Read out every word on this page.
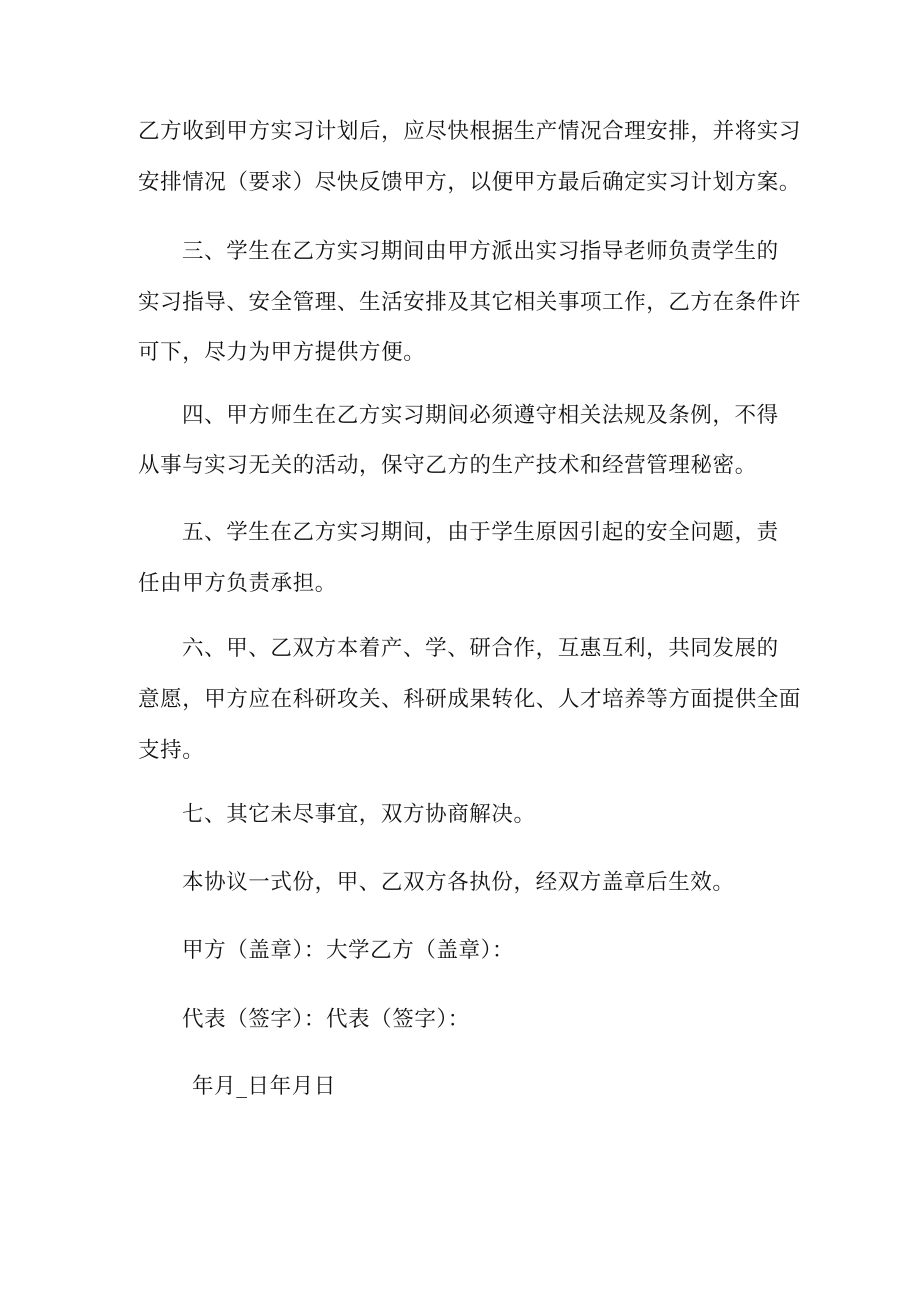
乙方收到甲方实习计划后，应尽快根据生产情况合理安排，并将实习
安排情况（要求）尽快反馈甲方，以便甲方最后确定实习计划方案。
三、学生在乙方实习期间由甲方派出实习指导老师负责学生的
实习指导、安全管理、生活安排及其它相关事项工作，乙方在条件许
可下，尽力为甲方提供方便。
四、甲方师生在乙方实习期间必须遵守相关法规及条例，不得
从事与实习无关的活动，保守乙方的生产技术和经营管理秘密。
五、学生在乙方实习期间，由于学生原因引起的安全问题，责
任由甲方负责承担。
六、甲、乙双方本着产、学、研合作，互惠互利，共同发展的
意愿，甲方应在科研攻关、科研成果转化、人才培养等方面提供全面
支持。
七、其它未尽事宜，双方协商解决。
本协议一式份，甲、乙双方各执份，经双方盖章后生效。
甲方（盖章）：大学乙方（盖章）：
代表（签字）：代表（签字）：
年月_日年月日
